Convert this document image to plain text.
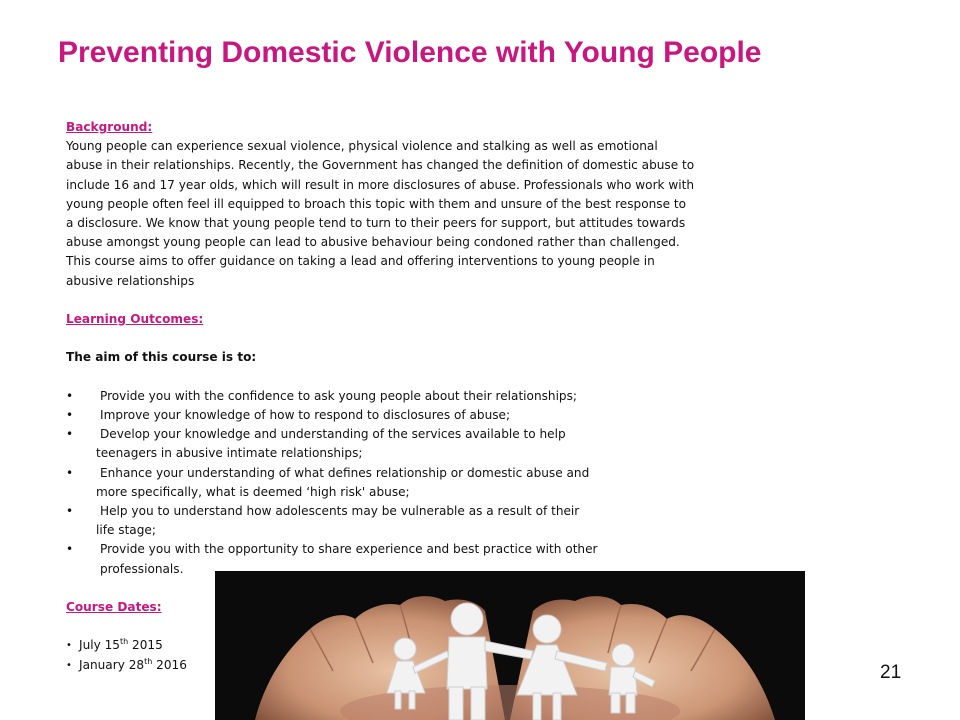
Preventing Domestic Violence with Young People
Background:

Young people can experience sexual violence, physical violence and stalking as well as emotional abuse in their relationships. Recently, the Government has changed the definition of domestic abuse to include 16 and 17 year olds, which will result in more disclosures of abuse. Professionals who work with young people often feel ill equipped to broach this topic with them and unsure of the best response to a disclosure. We know that young people tend to turn to their peers for support, but attitudes towards abuse amongst young people can lead to abusive behaviour being condoned rather than challenged. This course aims to offer guidance on taking a lead and offering interventions to young people in abusive relationships

Learning Outcomes:
The aim of this course is to:
• Provide you with the confidence to ask young people about their relationships;
• Improve your knowledge of how to respond to disclosures of abuse;
• Develop your knowledge and understanding of the services available to help
teenagers in abusive intimate relationships;
• Enhance your understanding of what defines relationship or domestic abuse and
more specifically, what is deemed ‘high risk' abuse;
• Help you to understand how adolescents may be vulnerable as a result of their
life stage;
• Provide you with the opportunity to share experience and best practice with other
professionals.
Course Dates:
• July 15th 2015
• January 28th 2016	21
